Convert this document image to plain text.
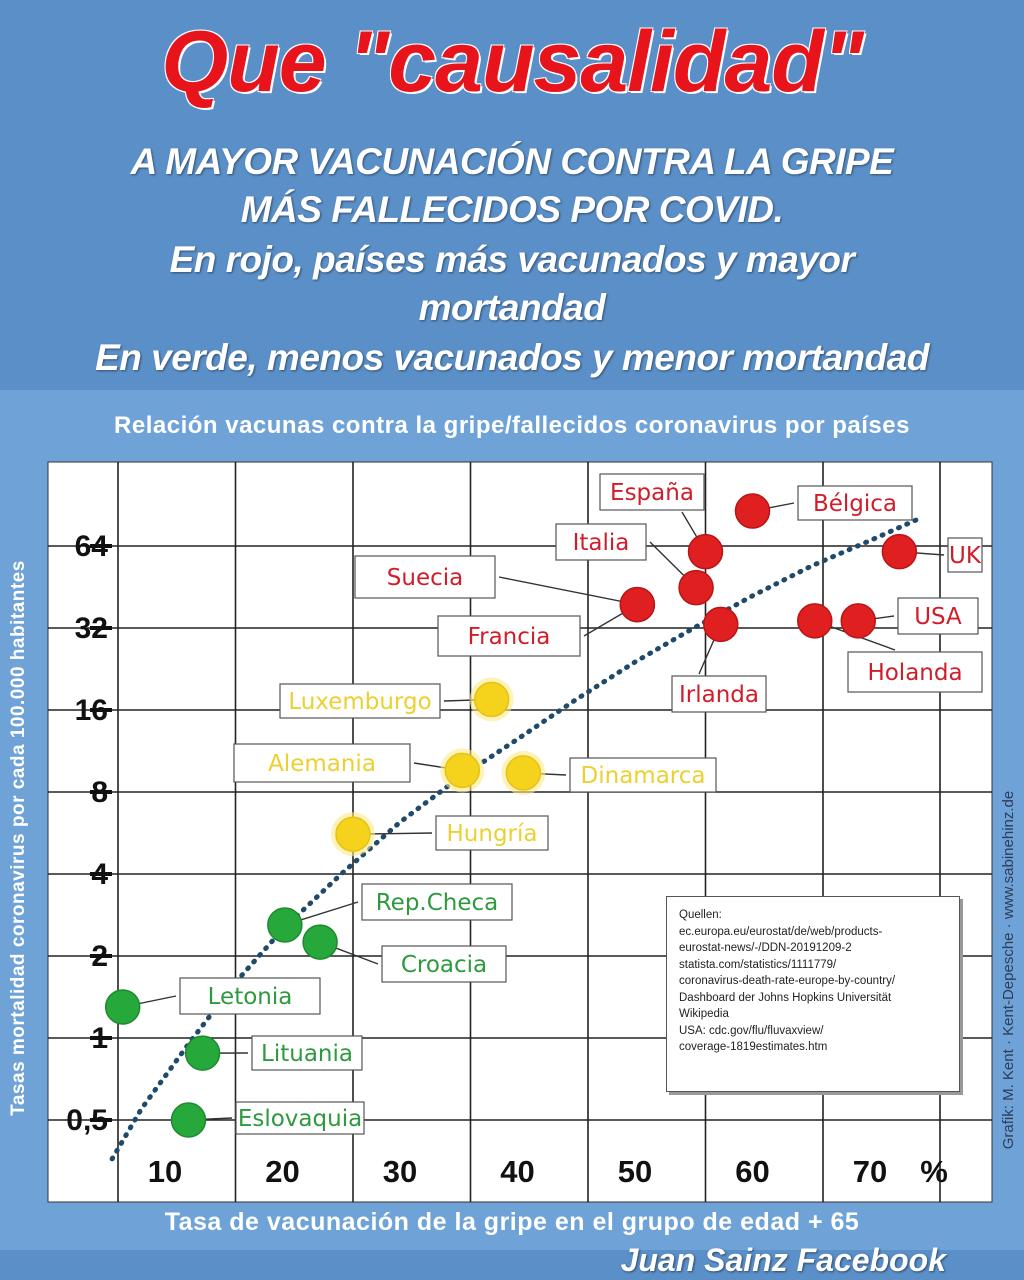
Que "causalidad"
A MAYOR VACUNACIÓN CONTRA LA GRIPE
MÁS FALLECIDOS POR COVID.
En rojo, países más vacunados y mayor
mortandad
En verde, menos vacunados y menor mortandad
Relación vacunas contra la gripe/fallecidos coronavirus por países
Bélgica
España
UK
Italia
Suecia
Francia
Irlanda
Holanda
USA
Luxemburgo
Alemania	Dinamarca
Hungría
Rep.Checa
Croacia
Letonia
Lituania
Eslovaquia
0,5
1
2
4
8
16
32
64
10	20	30	40	50	60	70 %
Tasa de vacunación de la gripe en el grupo de edad + 65
Tasas mortalidad coronavirus por cada 100.000 habitantes	Grafik: M. Kent · Kent-Depesche · www.sabinehinz.de
Quellen:
ec.europa.eu/eurostat/de/web/products-
eurostat-news/-/DDN-20191209-2
statista.com/statistics/1111779/
coronavirus-death-rate-europe-by-country/
Dashboard der Johns Hopkins Universität
Wikipedia
USA: cdc.gov/flu/fluvaxview/
coverage-1819estimates.htm
Juan Sainz Facebook
